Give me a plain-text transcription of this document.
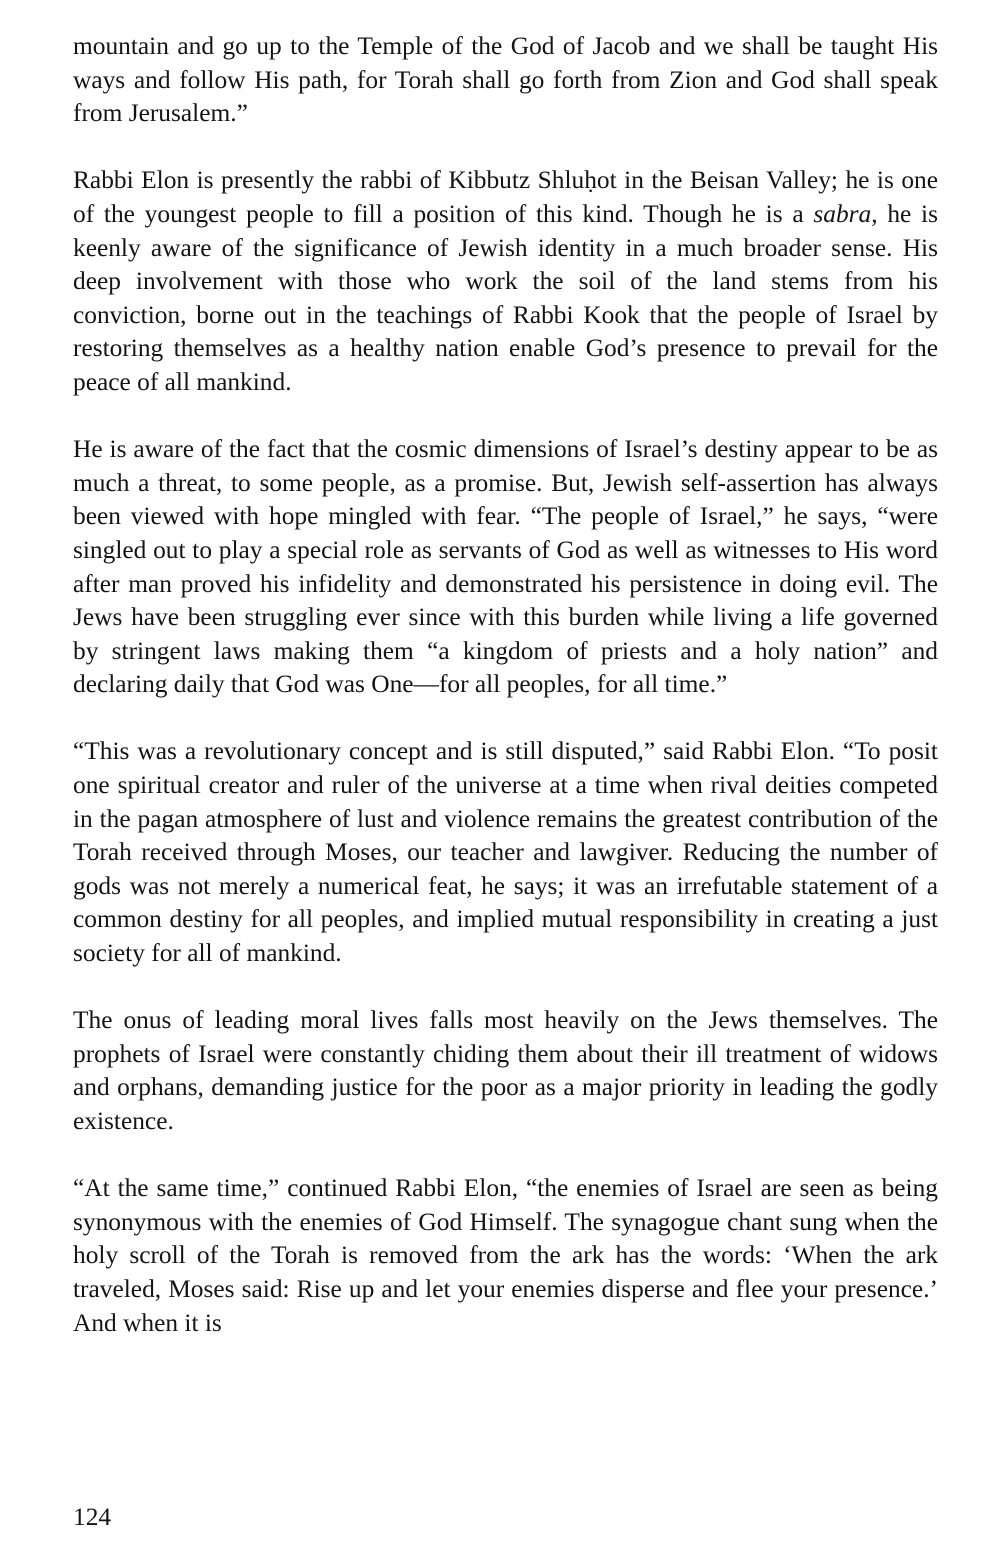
mountain and go up to the Temple of the God of Jacob and we shall be taught His ways and follow His path, for Torah shall go forth from Zion and God shall speak from Jerusalem.”

Rabbi Elon is presently the rabbi of Kibbutz Shluḥot in the Beisan Valley; he is one of the youngest people to fill a position of this kind. Though he is a sabra, he is keenly aware of the significance of Jewish identity in a much broader sense. His deep involvement with those who work the soil of the land stems from his conviction, borne out in the teachings of Rabbi Kook that the people of Israel by restoring themselves as a healthy nation enable God’s presence to prevail for the peace of all mankind.

He is aware of the fact that the cosmic dimensions of Israel’s destiny appear to be as much a threat, to some people, as a promise. But, Jewish self-assertion has always been viewed with hope mingled with fear. “The people of Israel,” he says, “were singled out to play a special role as servants of God as well as witnesses to His word after man proved his infidelity and demonstrated his persistence in doing evil. The Jews have been struggling ever since with this burden while living a life governed by stringent laws making them “a kingdom of priests and a holy nation” and declaring daily that God was One—for all peoples, for all time.”

“This was a revolutionary concept and is still disputed,” said Rabbi Elon. “To posit one spiritual creator and ruler of the universe at a time when rival deities competed in the pagan atmosphere of lust and violence remains the greatest contribution of the Torah received through Moses, our teacher and lawgiver. Reducing the number of gods was not merely a numerical feat, he says; it was an irrefutable statement of a common destiny for all peoples, and implied mutual responsibility in creating a just society for all of mankind.

The onus of leading moral lives falls most heavily on the Jews themselves. The prophets of Israel were constantly chiding them about their ill treatment of widows and orphans, demanding justice for the poor as a major priority in leading the godly existence.

“At the same time,” continued Rabbi Elon, “the enemies of Israel are seen as being synonymous with the enemies of God Himself. The synagogue chant sung when the holy scroll of the Torah is removed from the ark has the words: ‘When the ark traveled, Moses said: Rise up and let your enemies disperse and flee your presence.’ And when it is

124
